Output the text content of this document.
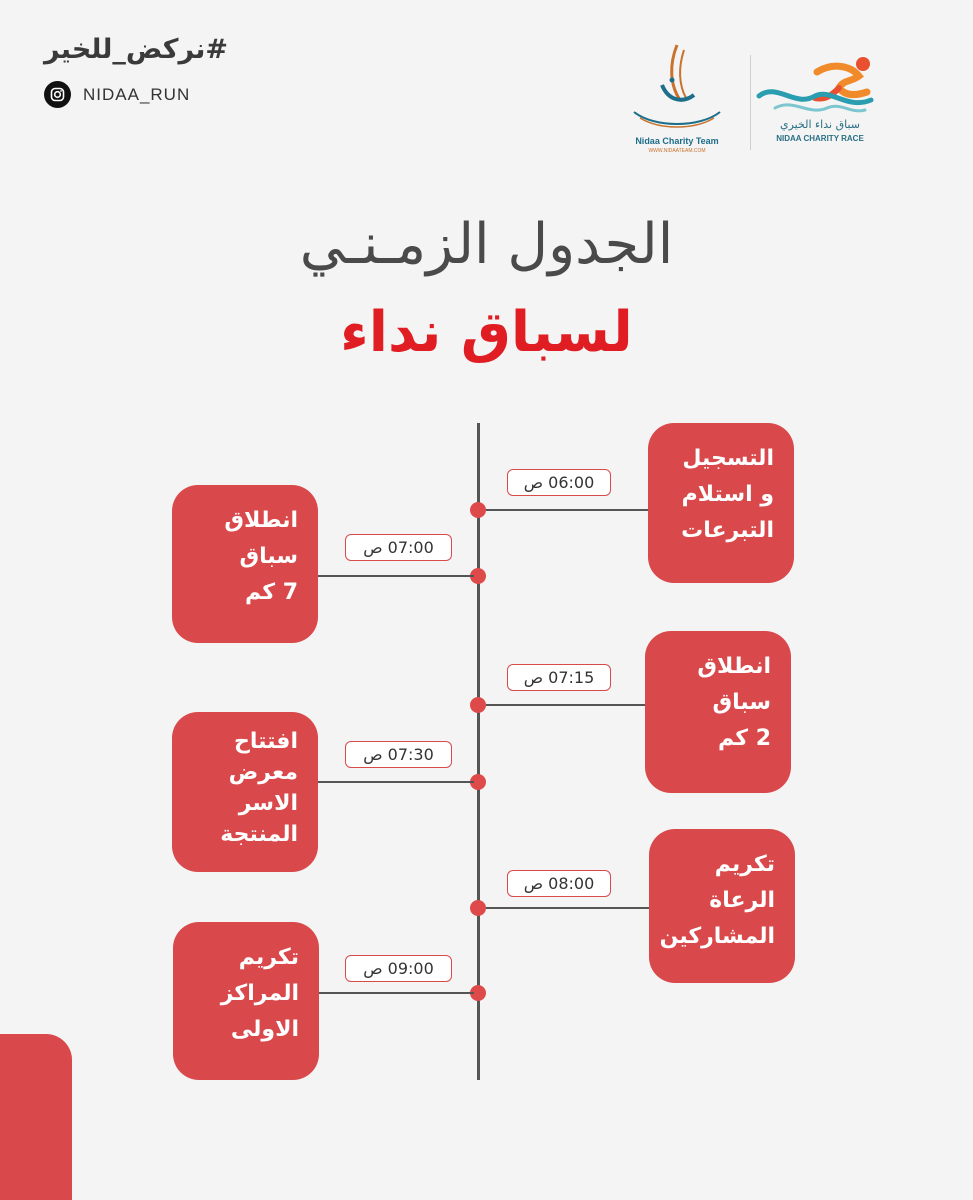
#نركض_للخير
NIDAA_RUN
Nidaa Charity Team
WWW.NIDAATEAM.COM
سباق نداء الخيري
NIDAA CHARITY RACE
الجدول الزمـنـي
لسباق نداء
06:00 ص
التسجيل
و استلام
التبرعات
07:00 ص
انطلاق
سباق
7 كم
07:15 ص	انطلاق
سباق
2 كم
07:30 ص
افتتاح
معرض
الاسر
المنتجة
08:00 ص
تكريم
الرعاة
المشاركين
09:00 ص
تكريم
المراكز
الاولى
